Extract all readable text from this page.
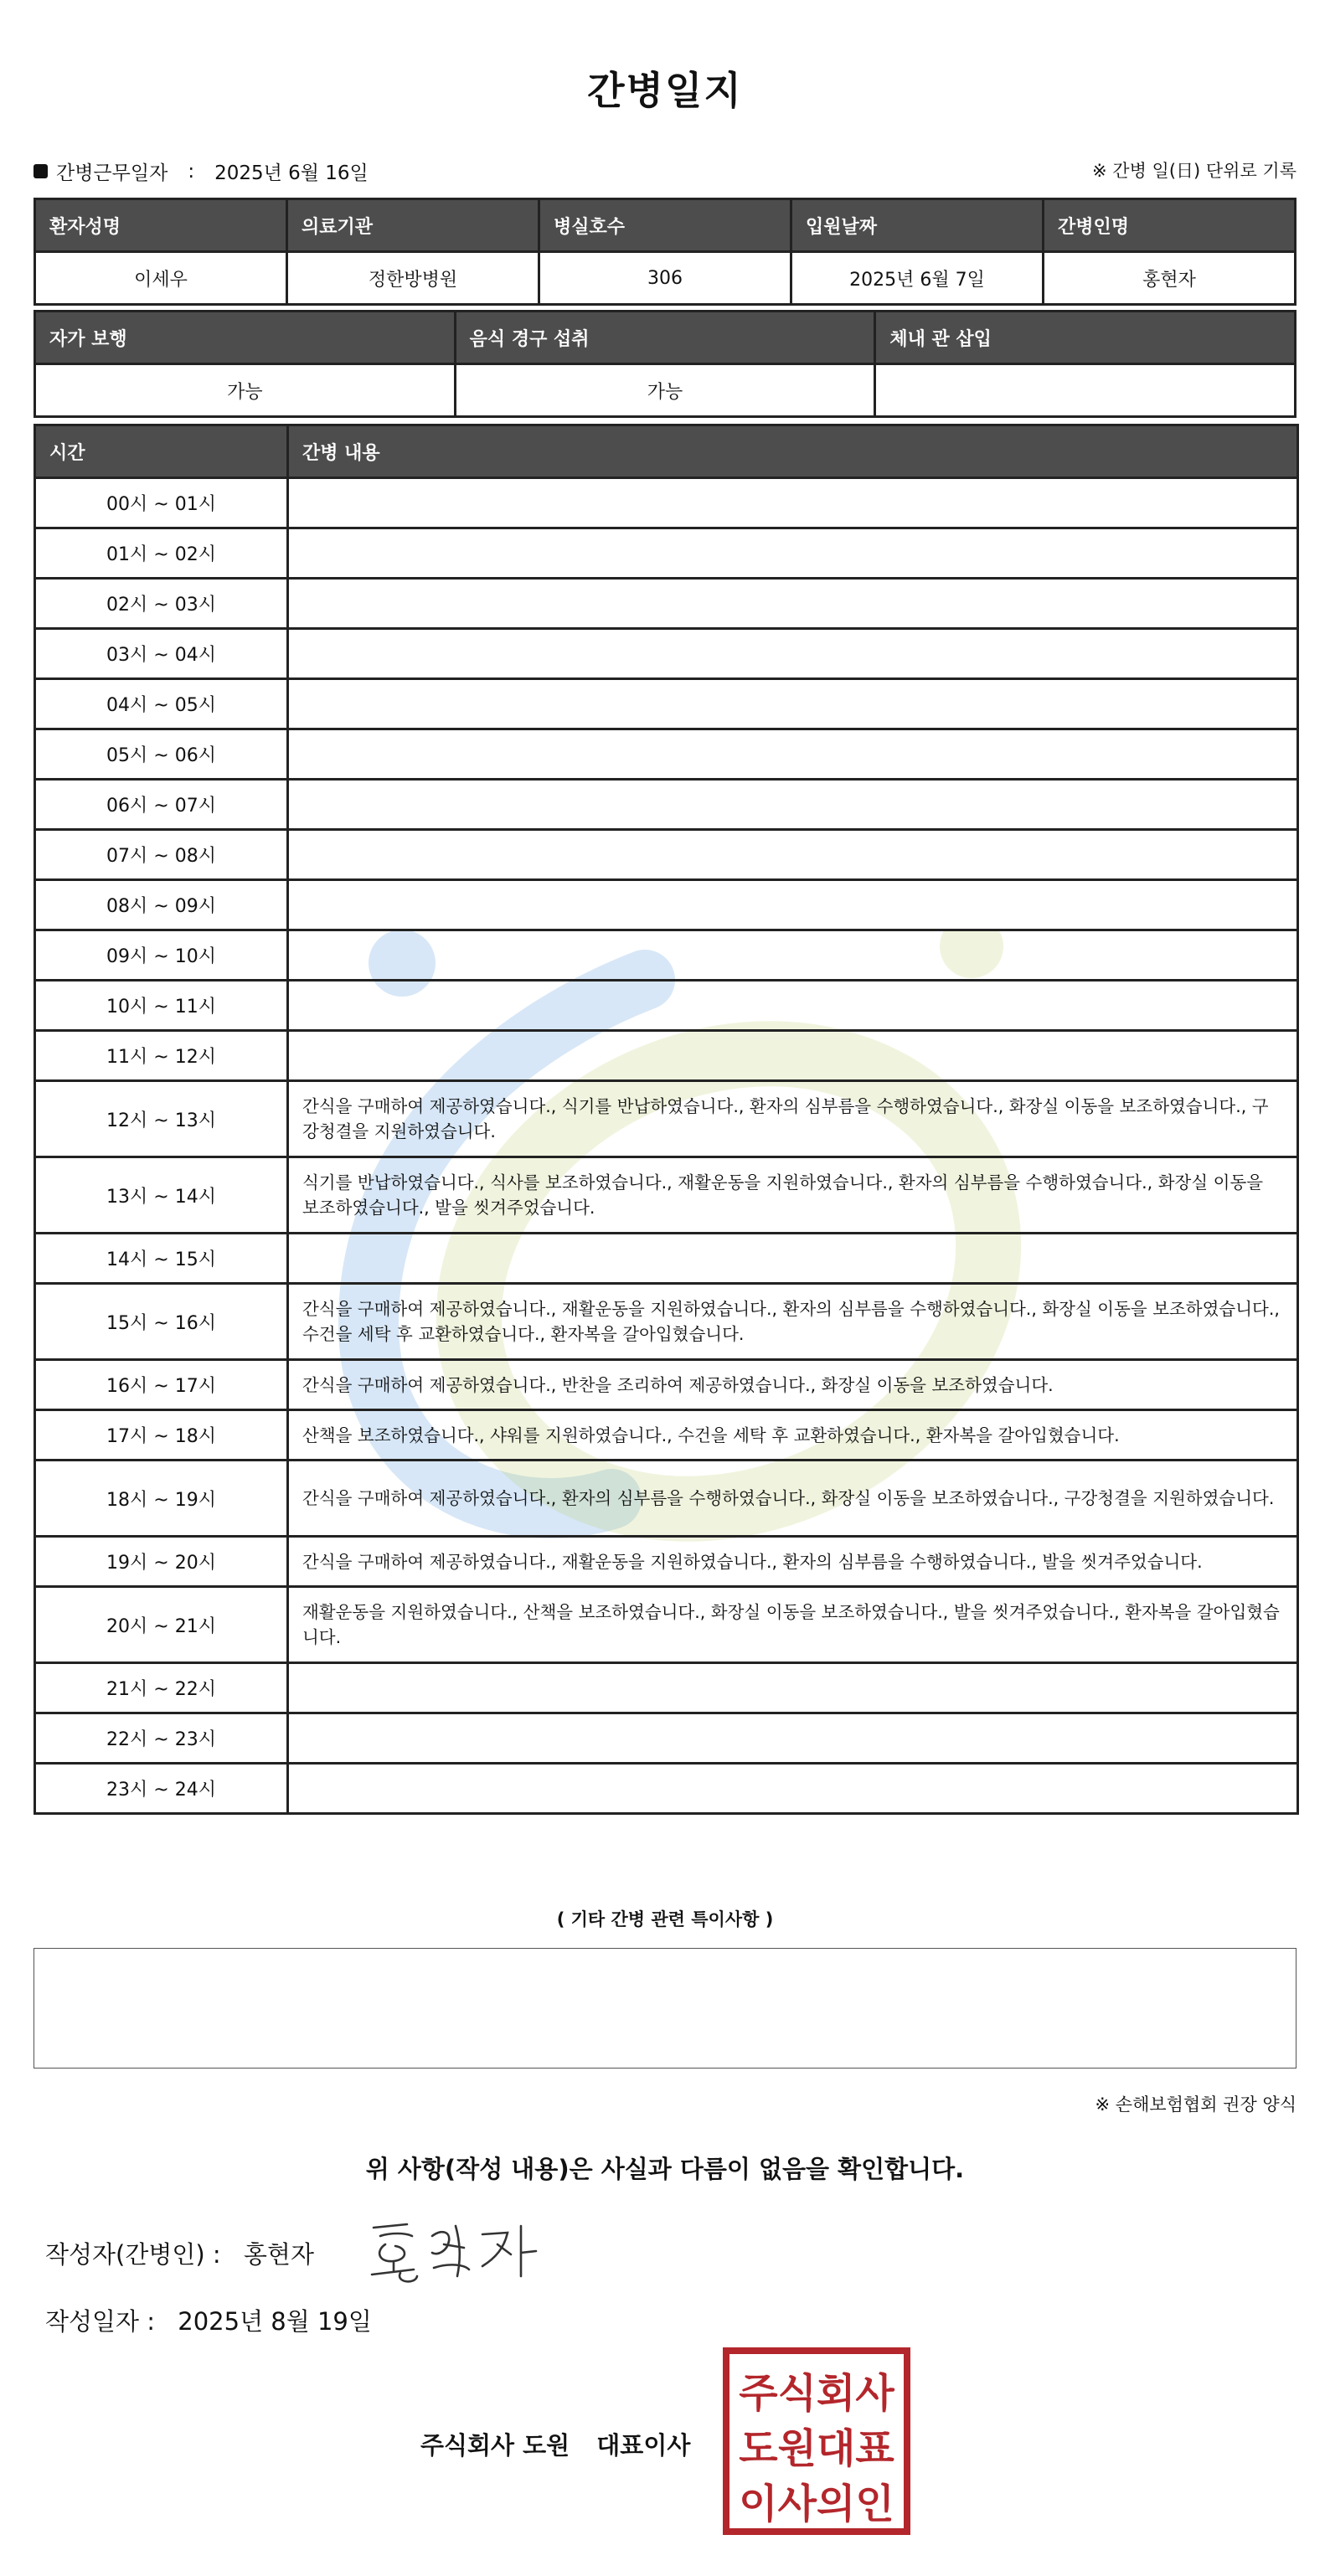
간병일지
간병근무일자 : 2025년 6월 16일	※ 간병 일(日) 단위로 기록
환자성명	의료기관	병실호수	입원날짜	간병인명
이세우	정한방병원	306	2025년 6월 7일	홍현자
자가 보행	음식 경구 섭취	체내 관 삽입
가능	가능	
시간	간병 내용
00시 ~ 01시	
01시 ~ 02시	
02시 ~ 03시	
03시 ~ 04시	
04시 ~ 05시	
05시 ~ 06시	
06시 ~ 07시	
07시 ~ 08시	
08시 ~ 09시	
09시 ~ 10시	
10시 ~ 11시	
11시 ~ 12시	
12시 ~ 13시	간식을 구매하여 제공하였습니다., 식기를 반납하였습니다., 환자의 심부름을 수행하였습니다., 화장실 이동을 보조하였습니다., 구강청결을 지원하였습니다.
13시 ~ 14시	식기를 반납하였습니다., 식사를 보조하였습니다., 재활운동을 지원하였습니다., 환자의 심부름을 수행하였습니다., 화장실 이동을 보조하였습니다., 발을 씻겨주었습니다.
14시 ~ 15시	
15시 ~ 16시	간식을 구매하여 제공하였습니다., 재활운동을 지원하였습니다., 환자의 심부름을 수행하였습니다., 화장실 이동을 보조하였습니다., 수건을 세탁 후 교환하였습니다., 환자복을 갈아입혔습니다.
16시 ~ 17시	간식을 구매하여 제공하였습니다., 반찬을 조리하여 제공하였습니다., 화장실 이동을 보조하였습니다.
17시 ~ 18시	산책을 보조하였습니다., 샤워를 지원하였습니다., 수건을 세탁 후 교환하였습니다., 환자복을 갈아입혔습니다.
18시 ~ 19시	간식을 구매하여 제공하였습니다., 환자의 심부름을 수행하였습니다., 화장실 이동을 보조하였습니다., 구강청결을 지원하였습니다.
19시 ~ 20시	간식을 구매하여 제공하였습니다., 재활운동을 지원하였습니다., 환자의 심부름을 수행하였습니다., 발을 씻겨주었습니다.
20시 ~ 21시	재활운동을 지원하였습니다., 산책을 보조하였습니다., 화장실 이동을 보조하였습니다., 발을 씻겨주었습니다., 환자복을 갈아입혔습니다.
21시 ~ 22시	
22시 ~ 23시	
23시 ~ 24시	
( 기타 간병 관련 특이사항 )
※ 손해보험협회 권장 양식
위 사항(작성 내용)은 사실과 다름이 없음을 확인합니다.
작성자(간병인) : 홍현자
작성일자 : 2025년 8월 19일
주식회사 도원 대표이사
주식회사
도원대표
이사의인
